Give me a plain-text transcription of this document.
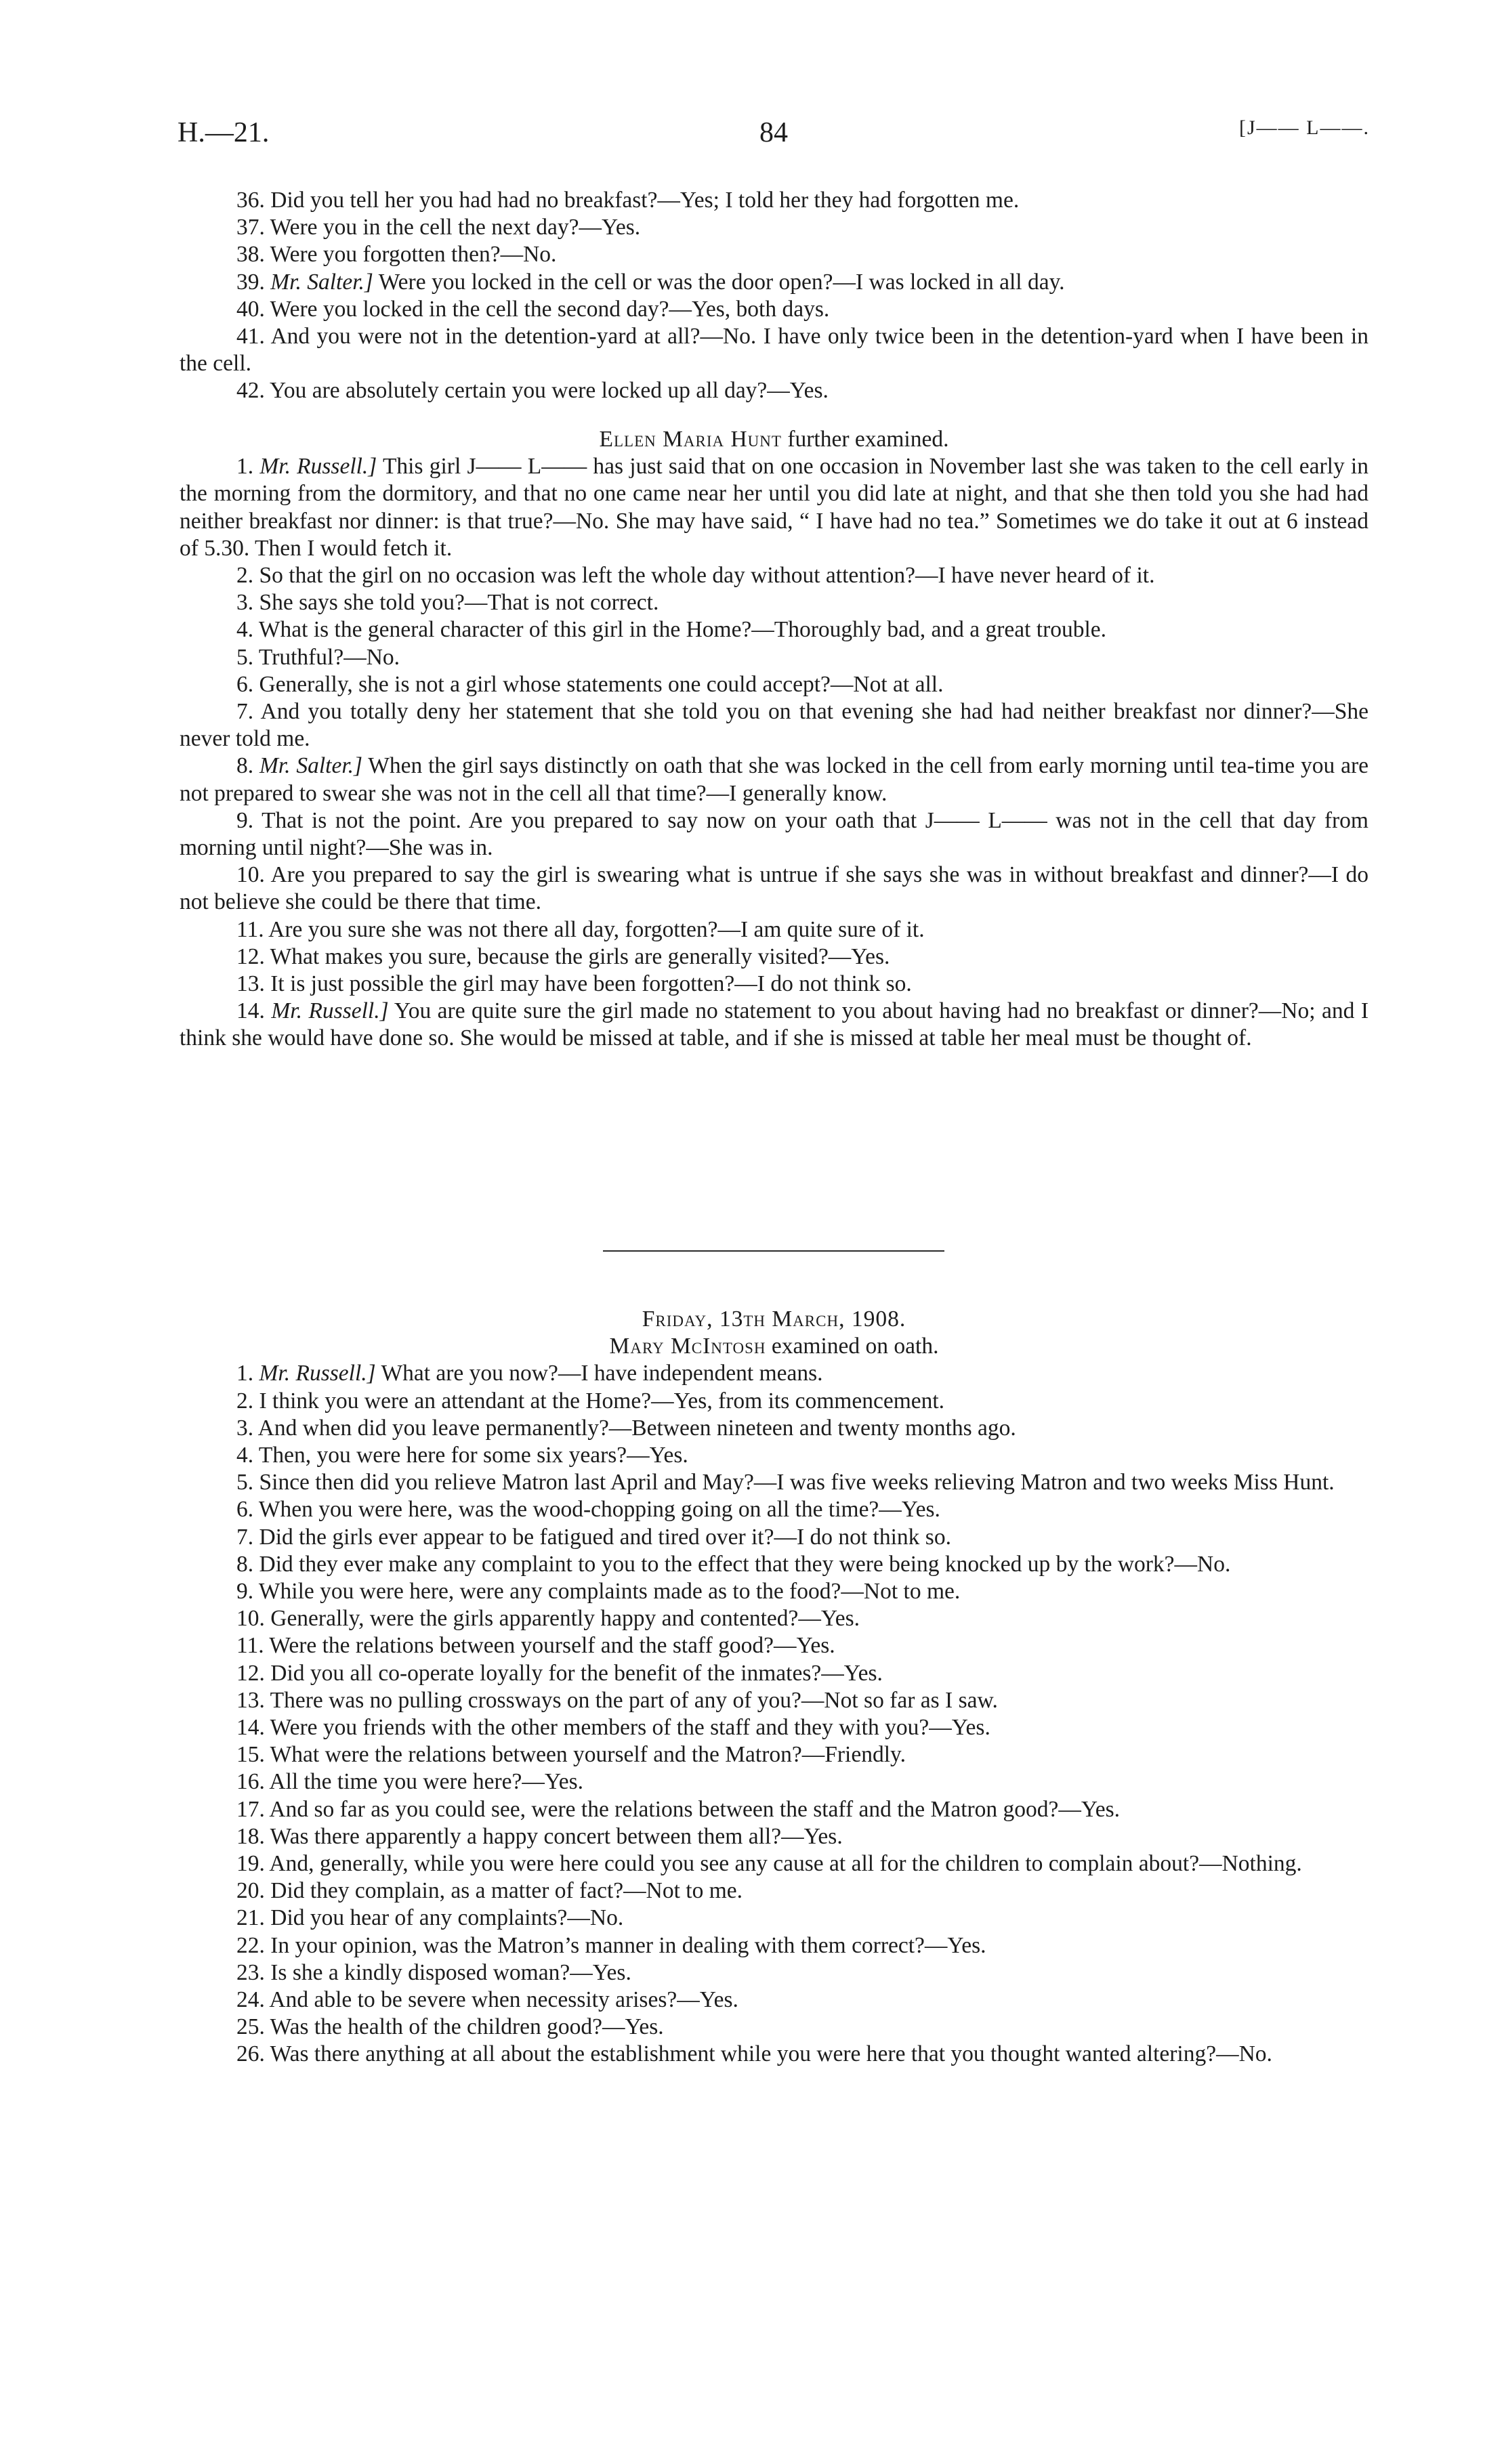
H.—21.	84	[J—— L——.

36. Did you tell her you had had no breakfast?—Yes; I told her they had forgotten me.

37. Were you in the cell the next day?—Yes.

38. Were you forgotten then?—No.

39. Mr. Salter.] Were you locked in the cell or was the door open?—I was locked in all day.

40. Were you locked in the cell the second day?—Yes, both days.

41. And you were not in the detention-yard at all?—No. I have only twice been in the detention-yard when I have been in the cell.

42. You are absolutely certain you were locked up all day?—Yes.

Ellen Maria Hunt further examined.

1. Mr. Russell.] This girl J—— L—— has just said that on one occasion in November last she was taken to the cell early in the morning from the dormitory, and that no one came near her until you did late at night, and that she then told you she had had neither breakfast nor dinner: is that true?—No. She may have said, “ I have had no tea.” Sometimes we do take it out at 6 instead of 5.30. Then I would fetch it.

2. So that the girl on no occasion was left the whole day without attention?—I have never heard of it.

3. She says she told you?—That is not correct.

4. What is the general character of this girl in the Home?—Thoroughly bad, and a great trouble.

5. Truthful?—No.

6. Generally, she is not a girl whose statements one could accept?—Not at all.

7. And you totally deny her statement that she told you on that evening she had had neither breakfast nor dinner?—She never told me.

8. Mr. Salter.] When the girl says distinctly on oath that she was locked in the cell from early morning until tea-time you are not prepared to swear she was not in the cell all that time?—I generally know.

9. That is not the point. Are you prepared to say now on your oath that J—— L—— was not in the cell that day from morning until night?—She was in.

10. Are you prepared to say the girl is swearing what is untrue if she says she was in without breakfast and dinner?—I do not believe she could be there that time.

11. Are you sure she was not there all day, forgotten?—I am quite sure of it.

12. What makes you sure, because the girls are generally visited?—Yes.

13. It is just possible the girl may have been forgotten?—I do not think so.

14. Mr. Russell.] You are quite sure the girl made no statement to you about having had no breakfast or dinner?—No; and I think she would have done so. She would be missed at table, and if she is missed at table her meal must be thought of.

Friday, 13th March, 1908.

Mary McIntosh examined on oath.

1. Mr. Russell.] What are you now?—I have independent means.

2. I think you were an attendant at the Home?—Yes, from its commencement.

3. And when did you leave permanently?—Between nineteen and twenty months ago.

4. Then, you were here for some six years?—Yes.

5. Since then did you relieve Matron last April and May?—I was five weeks relieving Matron and two weeks Miss Hunt.

6. When you were here, was the wood-chopping going on all the time?—Yes.

7. Did the girls ever appear to be fatigued and tired over it?—I do not think so.

8. Did they ever make any complaint to you to the effect that they were being knocked up by the work?—No.

9. While you were here, were any complaints made as to the food?—Not to me.

10. Generally, were the girls apparently happy and contented?—Yes.

11. Were the relations between yourself and the staff good?—Yes.

12. Did you all co-operate loyally for the benefit of the inmates?—Yes.

13. There was no pulling crossways on the part of any of you?—Not so far as I saw.

14. Were you friends with the other members of the staff and they with you?—Yes.

15. What were the relations between yourself and the Matron?—Friendly.

16. All the time you were here?—Yes.

17. And so far as you could see, were the relations between the staff and the Matron good?—Yes.

18. Was there apparently a happy concert between them all?—Yes.

19. And, generally, while you were here could you see any cause at all for the children to complain about?—Nothing.

20. Did they complain, as a matter of fact?—Not to me.

21. Did you hear of any complaints?—No.

22. In your opinion, was the Matron’s manner in dealing with them correct?—Yes.

23. Is she a kindly disposed woman?—Yes.

24. And able to be severe when necessity arises?—Yes.

25. Was the health of the children good?—Yes.

26. Was there anything at all about the establishment while you were here that you thought wanted altering?—No.
